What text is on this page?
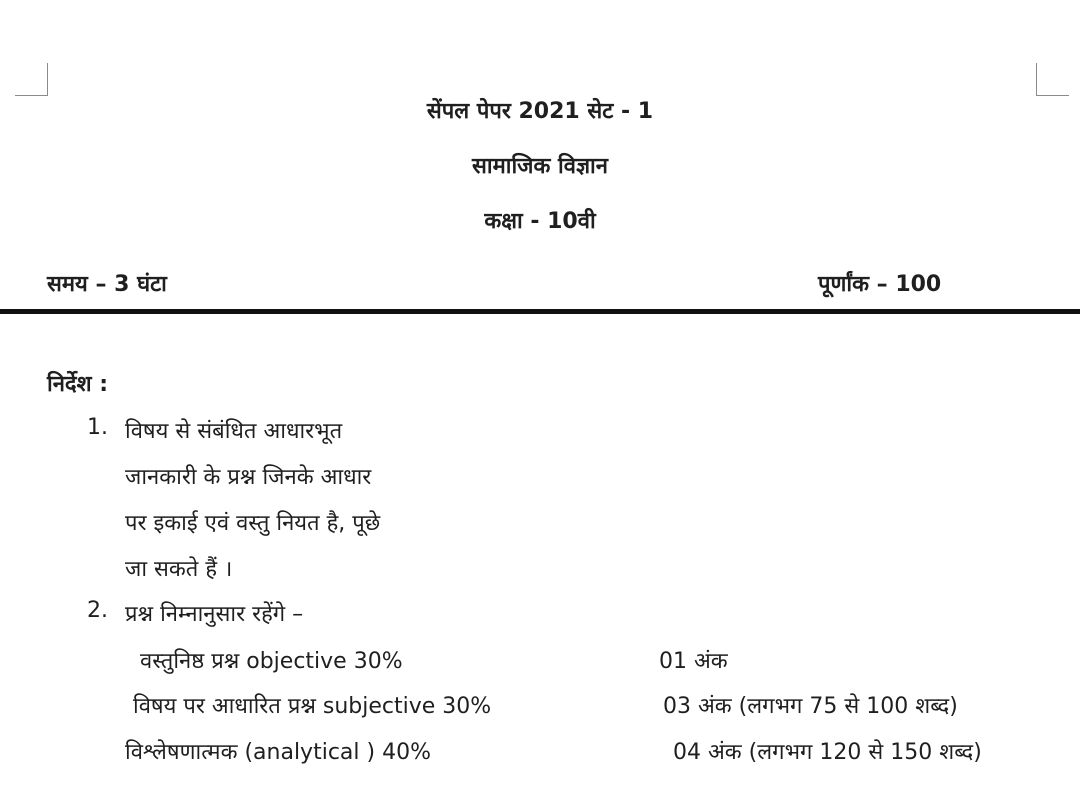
सेंपल पेपर 2021 सेट - 1
सामाजिक विज्ञान
कक्षा - 10वी
समय – 3 घंटा	पूर्णांक – 100
निर्देश :
1. विषय से संबंधित आधारभूत
जानकारी के प्रश्न जिनके आधार
पर इकाई एवं वस्तु नियत है, पूछे
जा सकते हैं ।
2. प्रश्न निम्नानुसार रहेंगे –
वस्तुनिष्ठ प्रश्न objective 30%	01 अंक
विषय पर आधारित प्रश्न subjective 30%	03 अंक (लगभग 75 से 100 शब्द)
विश्लेषणात्मक (analytical ) 40%	04 अंक (लगभग 120 से 150 शब्द)
